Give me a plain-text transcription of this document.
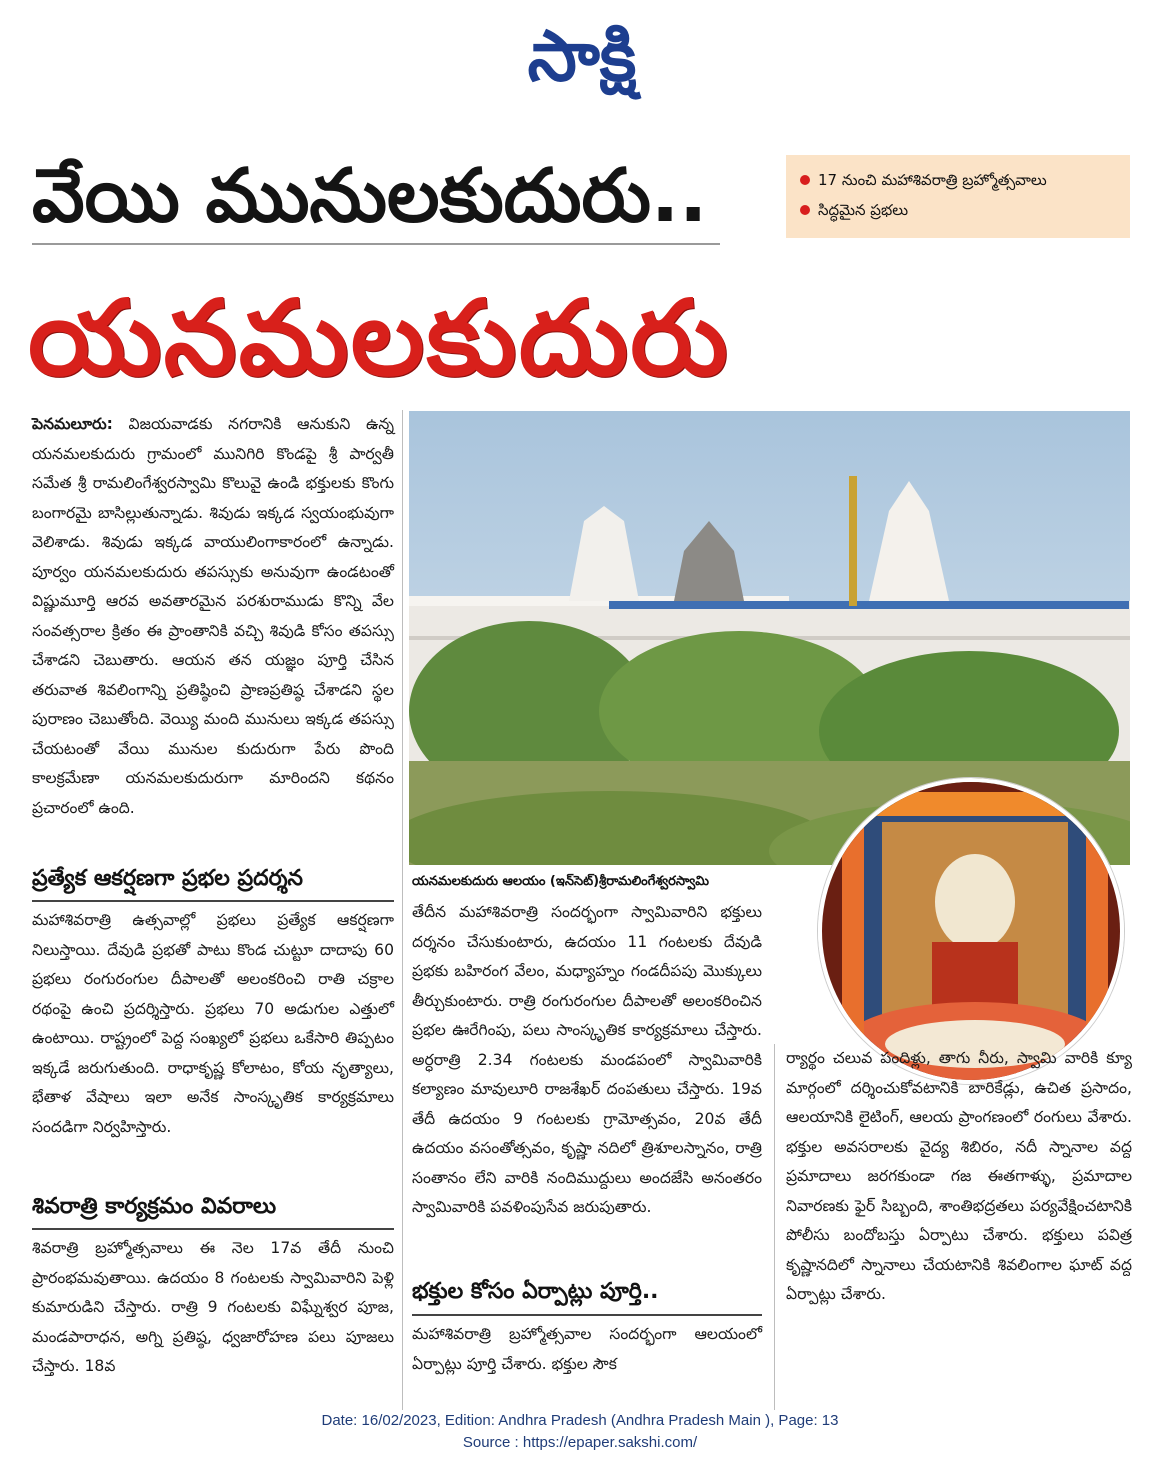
సాక్షి
వేయి మునులకుదురు..	17 నుంచి మహాశివరాత్రి బ్రహ్మోత్సవాలు
సిద్ధమైన ప్రభలు
యనమలకుదురు
పెనమలూరు: విజయవాడకు నగరానికి ఆనుకుని ఉన్న యనమలకుదురు గ్రామంలో మునిగిరి కొండపై శ్రీ పార్వతీ సమేత శ్రీ రామలింగేశ్వరస్వామి కొలువై ఉండి భక్తులకు కొంగు బంగారమై బాసిల్లుతున్నాడు. శివుడు ఇక్కడ స్వయంభువుగా వెలిశాడు. శివుడు ఇక్కడ వాయులింగాకారంలో ఉన్నాడు. పూర్వం యనమలకుదురు తపస్సుకు అనువుగా ఉండటంతో విష్ణుమూర్తి ఆరవ అవతారమైన పరశురాముడు కొన్ని వేల సంవత్సరాల క్రితం ఈ ప్రాంతానికి వచ్చి శివుడి కోసం తపస్సు చేశాడని చెబుతారు. ఆయన తన యజ్ఞం పూర్తి చేసిన తరువాత శివలింగాన్ని ప్రతిష్ఠించి ప్రాణప్రతిష్ఠ చేశాడని స్థల పురాణం చెబుతోంది. వెయ్యి మంది మునులు ఇక్కడ తపస్సు చేయటంతో వేయి మునుల కుదురుగా పేరు పొంది కాలక్రమేణా యనమలకుదురుగా మారిందని కథనం ప్రచారంలో ఉంది.
ప్రత్యేక ఆకర్షణగా ప్రభల ప్రదర్శన
మహాశివరాత్రి ఉత్సవాల్లో ప్రభలు ప్రత్యేక ఆకర్షణగా నిలుస్తాయి. దేవుడి ప్రభతో పాటు కొండ చుట్టూ దాదాపు 60 ప్రభలు రంగురంగుల దీపాలతో అలంకరించి రాతి చక్రాల రథంపై ఉంచి ప్రదర్శిస్తారు. ప్రభలు 70 అడుగుల ఎత్తులో ఉంటాయి. రాష్ట్రంలో పెద్ద సంఖ్యలో ప్రభలు ఒకేసారి తిప్పటం ఇక్కడే జరుగుతుంది. రాధాకృష్ణ కోలాటం, కోయ నృత్యాలు, భేతాళ వేషాలు ఇలా అనేక సాంస్కృతిక కార్యక్రమాలు సందడిగా నిర్వహిస్తారు.
శివరాత్రి కార్యక్రమం వివరాలు
శివరాత్రి బ్రహ్మోత్సవాలు ఈ నెల 17వ తేదీ నుంచి ప్రారంభమవుతాయి. ఉదయం 8 గంటలకు స్వామివారిని పెళ్లి కుమారుడిని చేస్తారు. రాత్రి 9 గంటలకు విఘ్నేశ్వర పూజ, మండపారాధన, అగ్ని ప్రతిష్ఠ, ధ్వజారోహణ పలు పూజలు చేస్తారు. 18వ
యనమలకుదురు ఆలయం (ఇన్‌సెట్‌)శ్రీరామలింగేశ్వరస్వామి
తేదీన మహాశివరాత్రి సందర్భంగా స్వామివారిని భక్తులు దర్శనం చేసుకుంటారు, ఉదయం 11 గంటలకు దేవుడి ప్రభకు బహిరంగ వేలం, మధ్యాహ్నం గండదీపపు మొక్కులు తీర్చుకుంటారు. రాత్రి రంగురంగుల దీపాలతో అలంకరించిన ప్రభల ఊరేగింపు, పలు సాంస్కృతిక కార్యక్రమాలు చేస్తారు. అర్ధరాత్రి 2.34 గంటలకు మండపంలో స్వామివారికి కల్యాణం మావులూరి రాజశేఖర్ దంపతులు చేస్తారు. 19వ తేదీ ఉదయం 9 గంటలకు గ్రామోత్సవం, 20వ తేదీ ఉదయం వసంతోత్సవం, కృష్ణా నదిలో త్రిశూలస్నానం, రాత్రి సంతానం లేని వారికి నందిముద్దులు అందజేసి అనంతరం స్వామివారికి పవళింపుసేవ జరుపుతారు.
భక్తుల కోసం ఏర్పాట్లు పూర్తి..
మహాశివరాత్రి బ్రహ్మోత్సవాల సందర్భంగా ఆలయంలో ఏర్పాట్లు పూర్తి చేశారు. భక్తుల సౌక
ర్యార్థం చలువ పందిళ్లు, తాగు నీరు, స్వామి వారికి క్యూ మార్గంలో దర్శించుకోవటానికి బారికేడ్లు, ఉచిత ప్రసాదం, ఆలయానికి లైటింగ్, ఆలయ ప్రాంగణంలో రంగులు వేశారు. భక్తుల అవసరాలకు వైద్య శిబిరం, నదీ స్నానాల వద్ద ప్రమాదాలు జరగకుండా గజ ఈతగాళ్ళు, ప్రమాదాల నివారణకు ఫైర్ సిబ్బంది, శాంతిభద్రతలు పర్యవేక్షించటానికి పోలీసు బందోబస్తు ఏర్పాటు చేశారు. భక్తులు పవిత్ర కృష్ణానదిలో స్నానాలు చేయటానికి శివలింగాల ఘాట్ వద్ద ఏర్పాట్లు చేశారు.
Date: 16/02/2023, Edition: Andhra Pradesh (Andhra Pradesh Main ), Page: 13
Source : https://epaper.sakshi.com/
